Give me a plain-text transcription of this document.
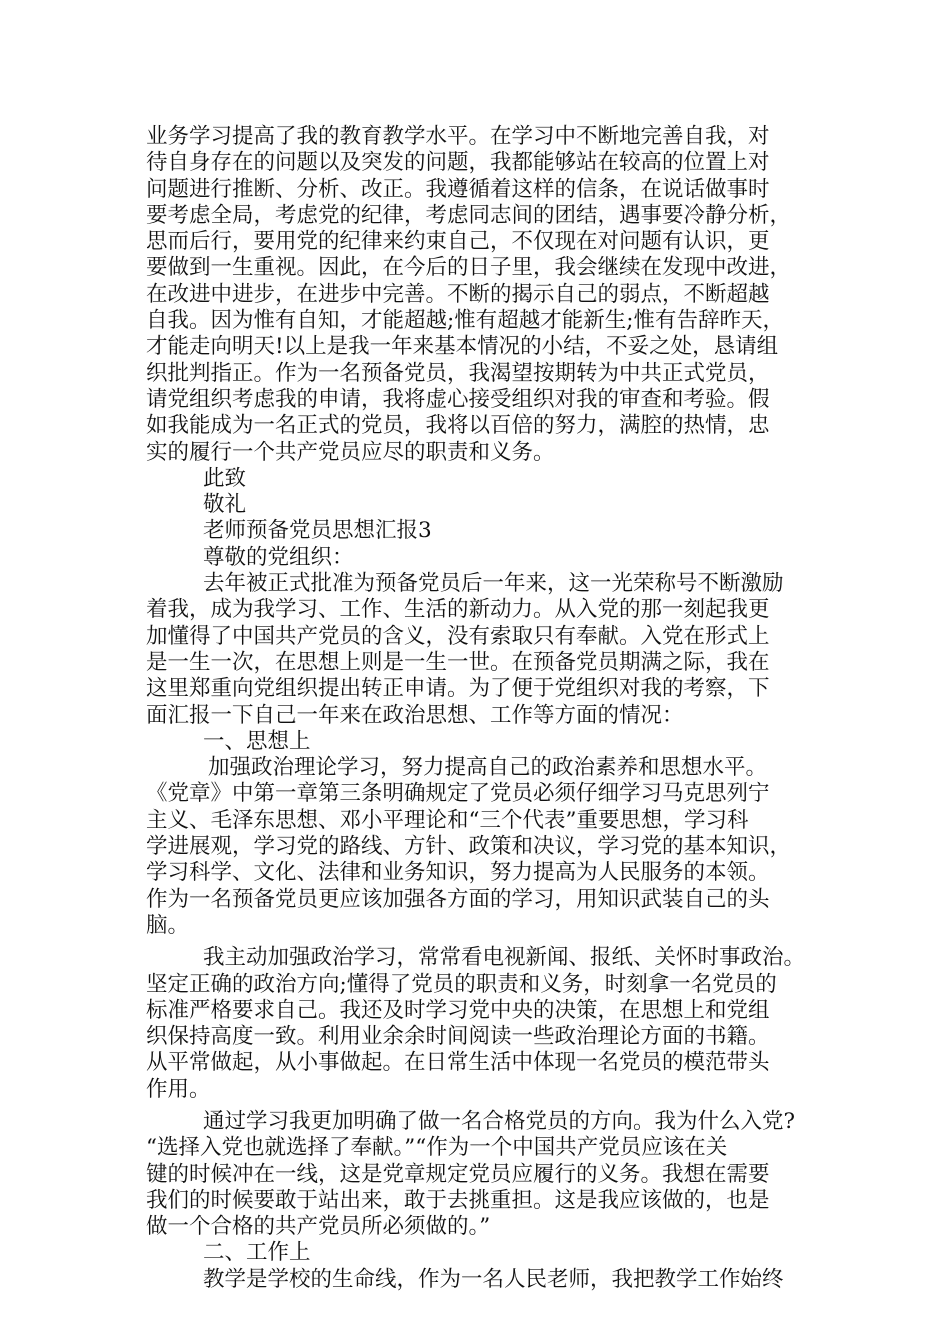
业务学习提高了我的教育教学水平。在学习中不断地完善自我，对
待自身存在的问题以及突发的问题，我都能够站在较高的位置上对
问题进行推断、分析、改正。我遵循着这样的信条，在说话做事时
要考虑全局，考虑党的纪律，考虑同志间的团结，遇事要冷静分析，
思而后行，要用党的纪律来约束自己，不仅现在对问题有认识，更
要做到一生重视。因此，在今后的日子里，我会继续在发现中改进，
在改进中进步，在进步中完善。不断的揭示自己的弱点，不断超越
自我。因为惟有自知，才能超越;惟有超越才能新生;惟有告辞昨天，
才能走向明天!以上是我一年来基本情况的小结，不妥之处，恳请组
织批判指正。作为一名预备党员，我渴望按期转为中共正式党员，
请党组织考虑我的申请，我将虚心接受组织对我的审查和考验。假
如我能成为一名正式的党员，我将以百倍的努力，满腔的热情，忠
实的履行一个共产党员应尽的职责和义务。
此致
敬礼
老师预备党员思想汇报3
尊敬的党组织：
去年被正式批准为预备党员后一年来，这一光荣称号不断激励
着我，成为我学习、工作、生活的新动力。从入党的那一刻起我更
加懂得了中国共产党员的含义，没有索取只有奉献。入党在形式上
是一生一次，在思想上则是一生一世。在预备党员期满之际，我在
这里郑重向党组织提出转正申请。为了便于党组织对我的考察，下
面汇报一下自己一年来在政治思想、工作等方面的情况：
一、思想上
加强政治理论学习，努力提高自己的政治素养和思想水平。
《党章》中第一章第三条明确规定了党员必须仔细学习马克思列宁
主义、毛泽东思想、邓小平理论和“三个代表”重要思想，学习科
学进展观，学习党的路线、方针、政策和决议，学习党的基本知识，
学习科学、文化、法律和业务知识，努力提高为人民服务的本领。
作为一名预备党员更应该加强各方面的学习，用知识武装自己的头
脑。
我主动加强政治学习，常常看电视新闻、报纸、关怀时事政治。
坚定正确的政治方向;懂得了党员的职责和义务，时刻拿一名党员的
标准严格要求自己。我还及时学习党中央的决策，在思想上和党组
织保持高度一致。利用业余余时间阅读一些政治理论方面的书籍。
从平常做起，从小事做起。在日常生活中体现一名党员的模范带头
作用。
通过学习我更加明确了做一名合格党员的方向。我为什么入党?
“选择入党也就选择了奉献。”“作为一个中国共产党员应该在关
键的时候冲在一线，这是党章规定党员应履行的义务。我想在需要
我们的时候要敢于站出来，敢于去挑重担。这是我应该做的，也是
做一个合格的共产党员所必须做的。”
二、工作上
教学是学校的生命线，作为一名人民老师，我把教学工作始终
